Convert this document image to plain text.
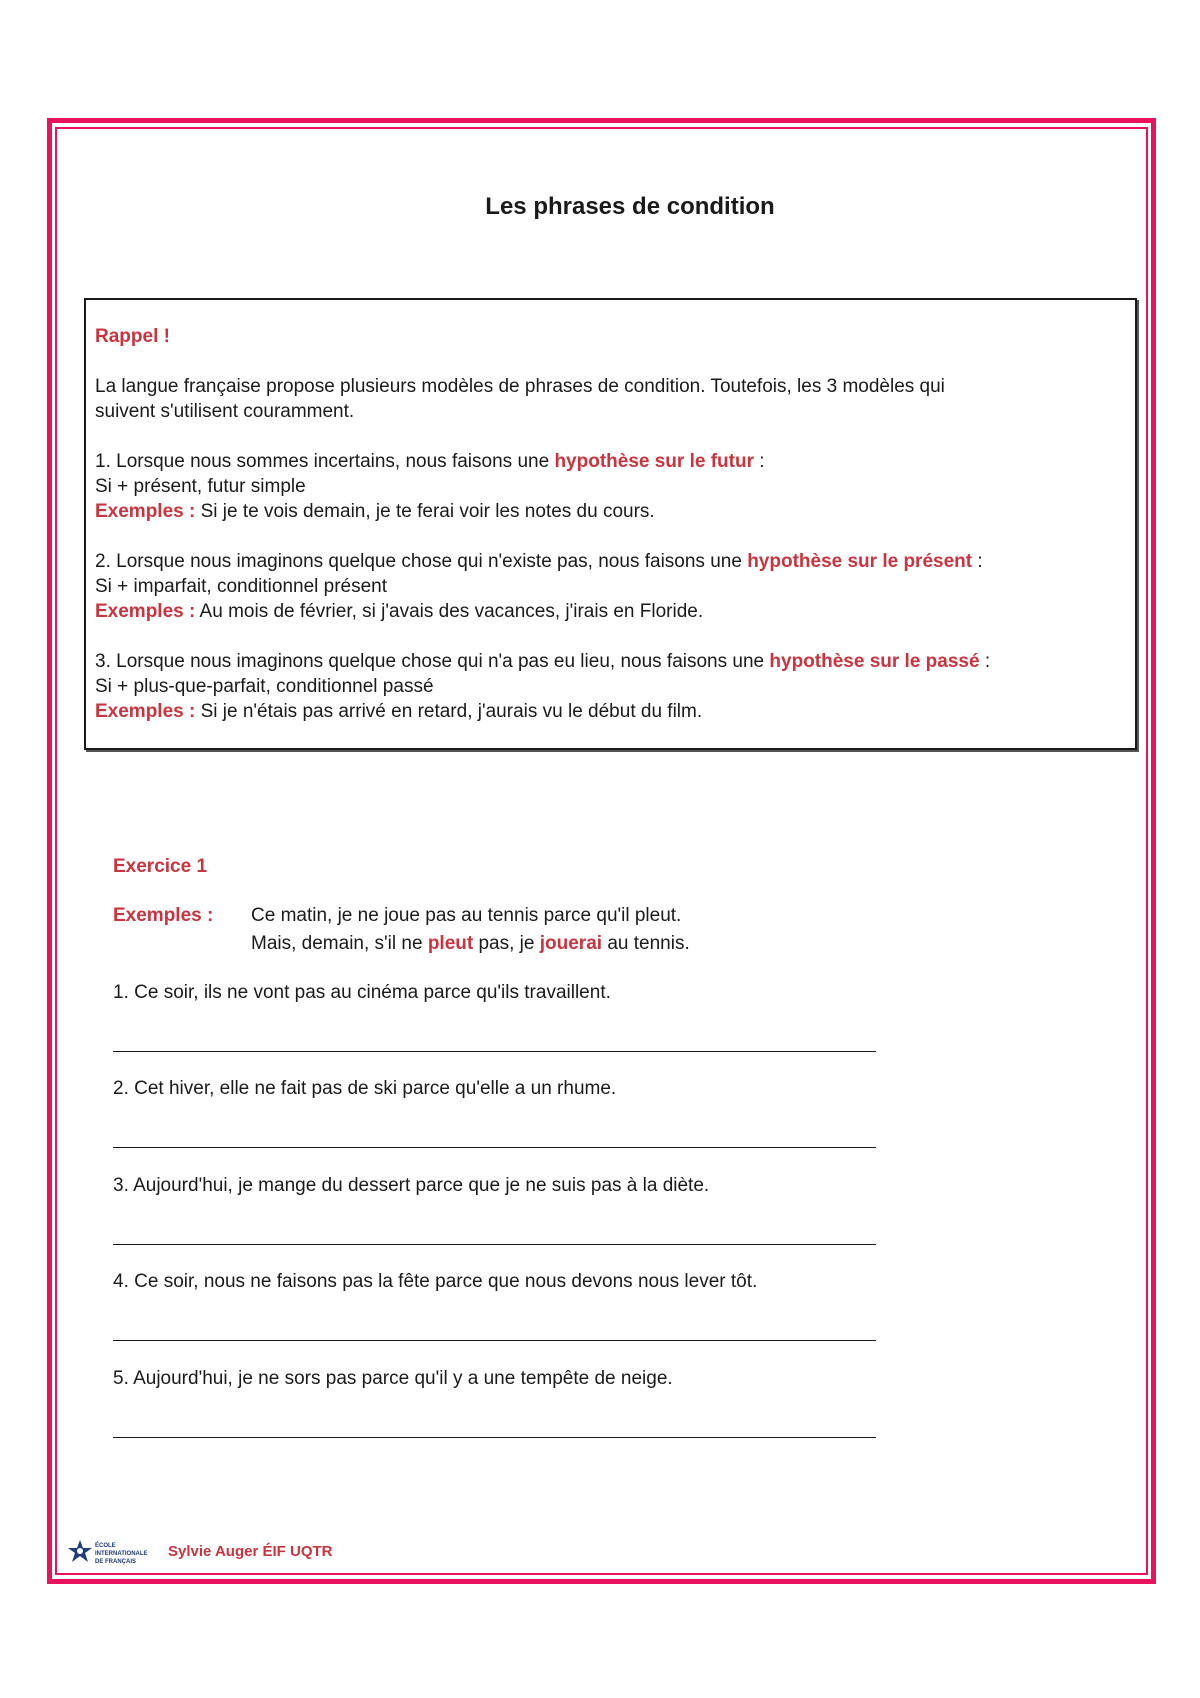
Les phrases de condition
Rappel !
La langue française propose plusieurs modèles de phrases de condition. Toutefois, les 3 modèles qui
suivent s'utilisent couramment.
1. Lorsque nous sommes incertains, nous faisons une hypothèse sur le futur :
Si + présent, futur simple
Exemples : Si je te vois demain, je te ferai voir les notes du cours.
2. Lorsque nous imaginons quelque chose qui n'existe pas, nous faisons une hypothèse sur le présent :
Si + imparfait, conditionnel présent
Exemples : Au mois de février, si j'avais des vacances, j'irais en Floride.
3. Lorsque nous imaginons quelque chose qui n'a pas eu lieu, nous faisons une hypothèse sur le passé :
Si + plus-que-parfait, conditionnel passé
Exemples : Si je n'étais pas arrivé en retard, j'aurais vu le début du film.
Exercice 1
Exemples : Ce matin, je ne joue pas au tennis parce qu'il pleut.
Mais, demain, s'il ne pleut pas, je jouerai au tennis.
1. Ce soir, ils ne vont pas au cinéma parce qu'ils travaillent.
2. Cet hiver, elle ne fait pas de ski parce qu'elle a un rhume.
3. Aujourd'hui, je mange du dessert parce que je ne suis pas à la diète.
4. Ce soir, nous ne faisons pas la fête parce que nous devons nous lever tôt.
5. Aujourd'hui, je ne sors pas parce qu'il y a une tempête de neige.
ÉCOLE
INTERNATIONALE
DE FRANÇAIS
Sylvie Auger ÉIF UQTR
